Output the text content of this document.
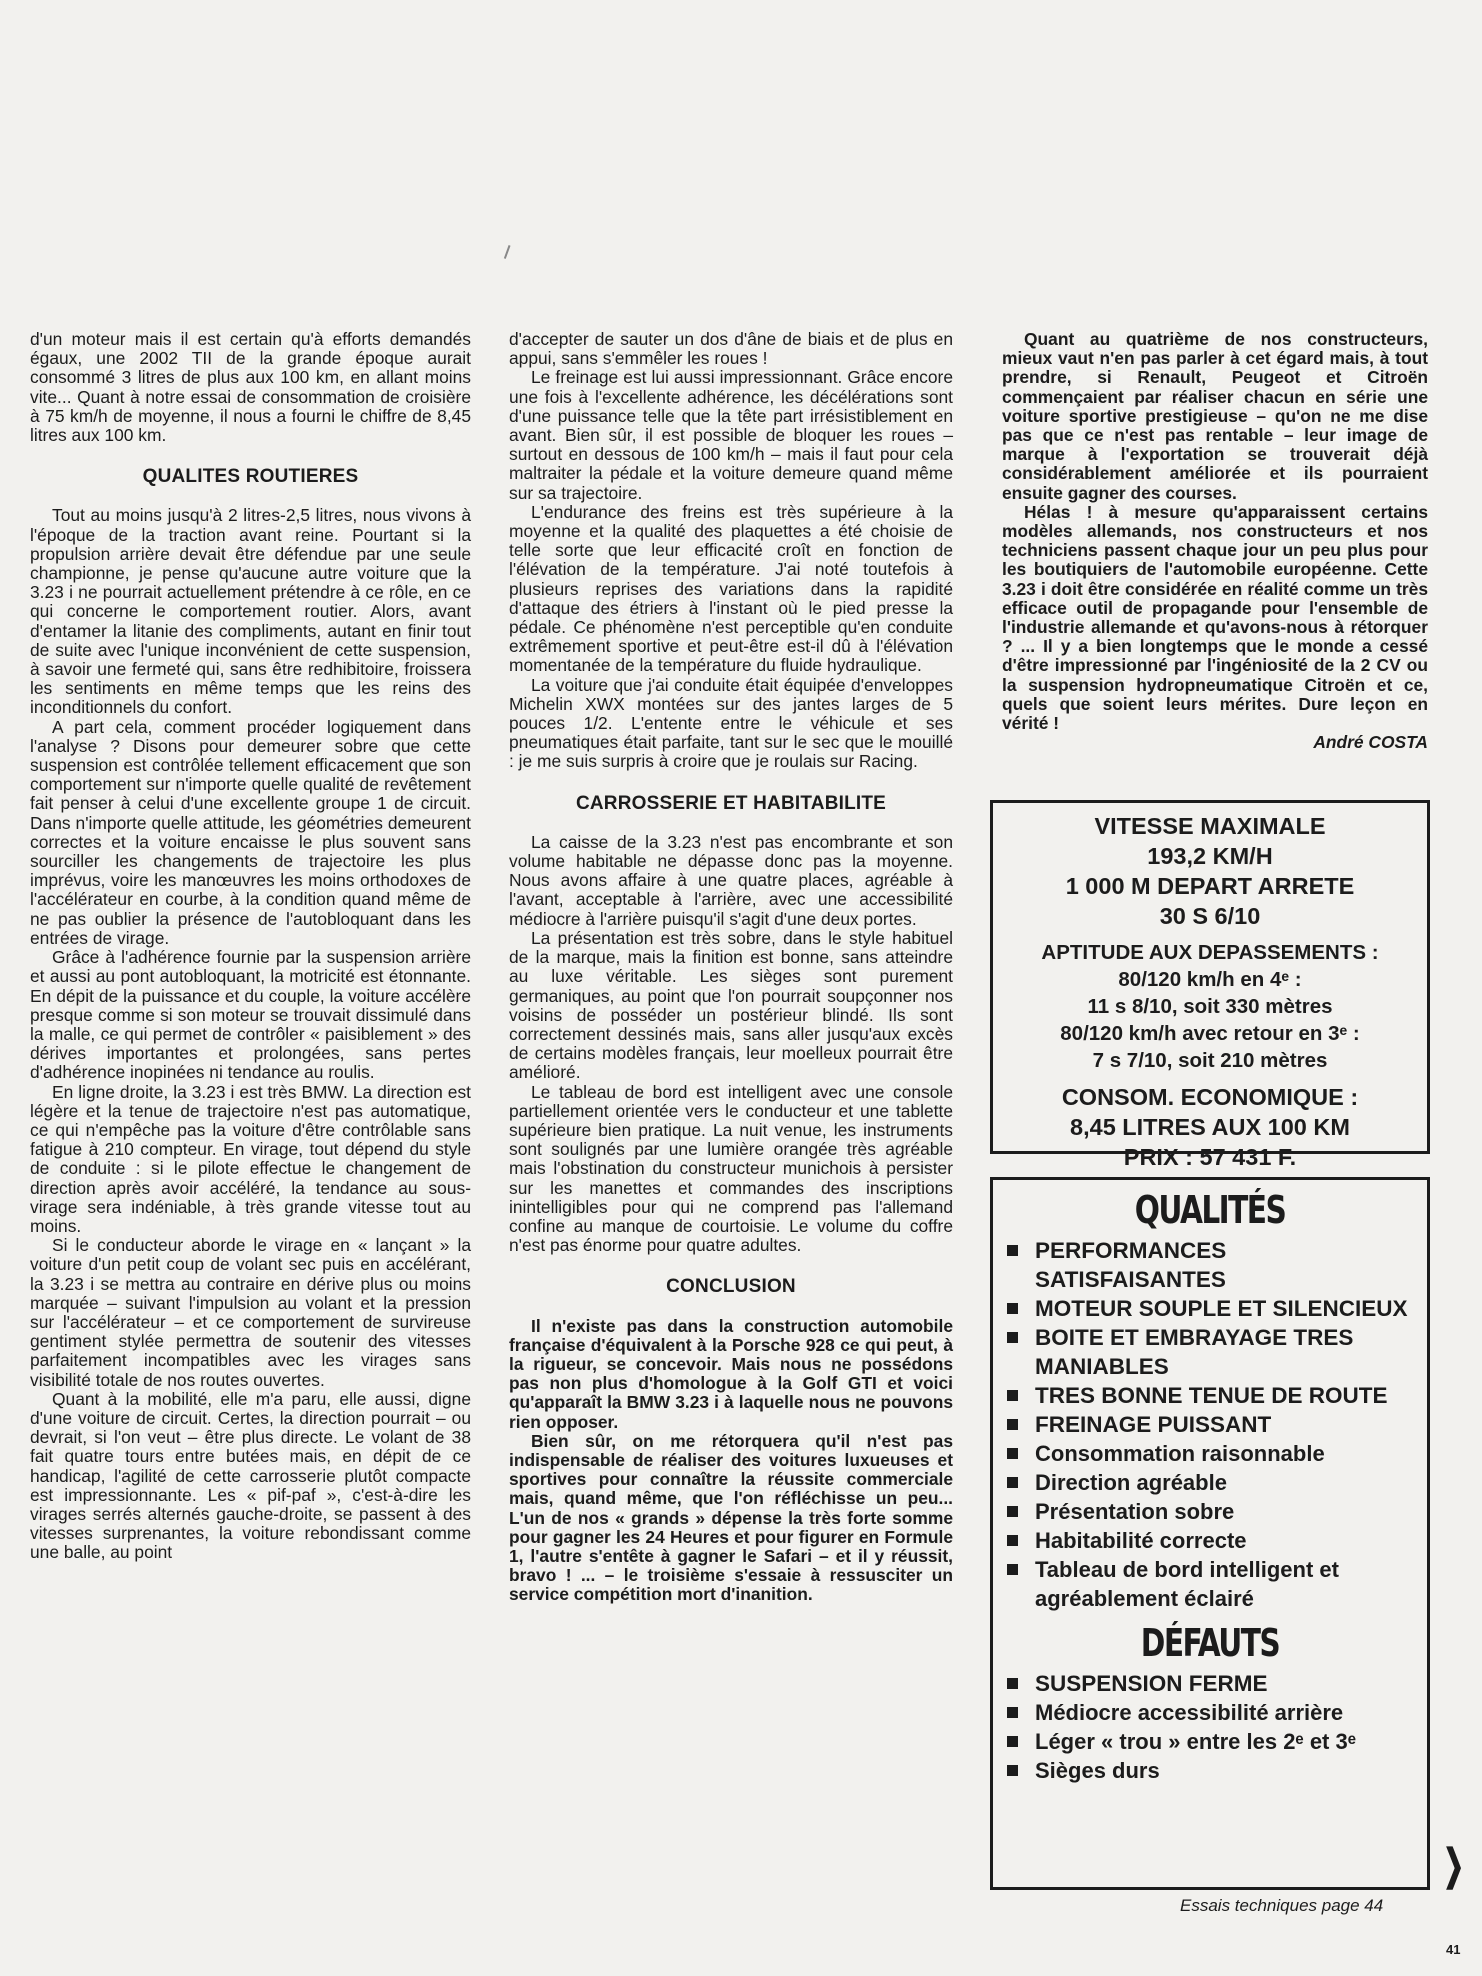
d'un moteur mais il est certain qu'à efforts demandés égaux, une 2002 TII de la grande époque aurait consommé 3 litres de plus aux 100 km, en allant moins vite... Quant à notre essai de consommation de croisière à 75 km/h de moyenne, il nous a fourni le chiffre de 8,45 litres aux 100 km.

QUALITES ROUTIERES

Tout au moins jusqu'à 2 litres-2,5 litres, nous vivons à l'époque de la traction avant reine. Pourtant si la propulsion arrière devait être défendue par une seule championne, je pense qu'aucune autre voiture que la 3.23 i ne pourrait actuellement prétendre à ce rôle, en ce qui concerne le comportement routier. Alors, avant d'entamer la litanie des compliments, autant en finir tout de suite avec l'unique inconvénient de cette suspension, à savoir une fermeté qui, sans être redhibitoire, froissera les sentiments en même temps que les reins des inconditionnels du confort.

A part cela, comment procéder logiquement dans l'analyse ? Disons pour demeurer sobre que cette suspension est contrôlée tellement efficacement que son comportement sur n'importe quelle qualité de revêtement fait penser à celui d'une excellente groupe 1 de circuit. Dans n'importe quelle attitude, les géométries demeurent correctes et la voiture encaisse le plus souvent sans sourciller les changements de trajectoire les plus imprévus, voire les manœuvres les moins orthodoxes de l'accélérateur en courbe, à la condition quand même de ne pas oublier la présence de l'autobloquant dans les entrées de virage.

Grâce à l'adhérence fournie par la suspension arrière et aussi au pont autobloquant, la motricité est étonnante. En dépit de la puissance et du couple, la voiture accélère presque comme si son moteur se trouvait dissimulé dans la malle, ce qui permet de contrôler « paisiblement » des dérives importantes et prolongées, sans pertes d'adhérence inopinées ni tendance au roulis.

En ligne droite, la 3.23 i est très BMW. La direction est légère et la tenue de trajectoire n'est pas automatique, ce qui n'empêche pas la voiture d'être contrôlable sans fatigue à 210 compteur. En virage, tout dépend du style de conduite : si le pilote effectue le changement de direction après avoir accéléré, la tendance au sous-virage sera indéniable, à très grande vitesse tout au moins.

Si le conducteur aborde le virage en « lançant » la voiture d'un petit coup de volant sec puis en accélérant, la 3.23 i se mettra au contraire en dérive plus ou moins marquée – suivant l'impulsion au volant et la pression sur l'accélérateur – et ce comportement de survireuse gentiment stylée permettra de soutenir des vitesses parfaitement incompatibles avec les virages sans visibilité totale de nos routes ouvertes.

Quant à la mobilité, elle m'a paru, elle aussi, digne d'une voiture de circuit. Certes, la direction pourrait – ou devrait, si l'on veut – être plus directe. Le volant de 38 fait quatre tours entre butées mais, en dépit de ce handicap, l'agilité de cette carrosserie plutôt compacte est impressionnante. Les « pif-paf », c'est-à-dire les virages serrés alternés gauche-droite, se passent à des vitesses surprenantes, la voiture rebondissant comme une balle, au point

d'accepter de sauter un dos d'âne de biais et de plus en appui, sans s'emmêler les roues !

Le freinage est lui aussi impressionnant. Grâce encore une fois à l'excellente adhérence, les décélérations sont d'une puissance telle que la tête part irrésistiblement en avant. Bien sûr, il est possible de bloquer les roues – surtout en dessous de 100 km/h – mais il faut pour cela maltraiter la pédale et la voiture demeure quand même sur sa trajectoire.

L'endurance des freins est très supérieure à la moyenne et la qualité des plaquettes a été choisie de telle sorte que leur efficacité croît en fonction de l'élévation de la température. J'ai noté toutefois à plusieurs reprises des variations dans la rapidité d'attaque des étriers à l'instant où le pied presse la pédale. Ce phénomène n'est perceptible qu'en conduite extrêmement sportive et peut-être est-il dû à l'élévation momentanée de la température du fluide hydraulique.

La voiture que j'ai conduite était équipée d'enveloppes Michelin XWX montées sur des jantes larges de 5 pouces 1/2. L'entente entre le véhicule et ses pneumatiques était parfaite, tant sur le sec que le mouillé : je me suis surpris à croire que je roulais sur Racing.

CARROSSERIE ET HABITABILITE

La caisse de la 3.23 n'est pas encombrante et son volume habitable ne dépasse donc pas la moyenne. Nous avons affaire à une quatre places, agréable à l'avant, acceptable à l'arrière, avec une accessibilité médiocre à l'arrière puisqu'il s'agit d'une deux portes.

La présentation est très sobre, dans le style habituel de la marque, mais la finition est bonne, sans atteindre au luxe véritable. Les sièges sont purement germaniques, au point que l'on pourrait soupçonner nos voisins de posséder un postérieur blindé. Ils sont correctement dessinés mais, sans aller jusqu'aux excès de certains modèles français, leur moelleux pourrait être amélioré.

Le tableau de bord est intelligent avec une console partiellement orientée vers le conducteur et une tablette supérieure bien pratique. La nuit venue, les instruments sont soulignés par une lumière orangée très agréable mais l'obstination du constructeur munichois à persister sur les manettes et commandes des inscriptions inintelligibles pour qui ne comprend pas l'allemand confine au manque de courtoisie. Le volume du coffre n'est pas énorme pour quatre adultes.

CONCLUSION

Il n'existe pas dans la construction automobile française d'équivalent à la Porsche 928 ce qui peut, à la rigueur, se concevoir. Mais nous ne possédons pas non plus d'homologue à la Golf GTI et voici qu'apparaît la BMW 3.23 i à laquelle nous ne pouvons rien opposer.

Bien sûr, on me rétorquera qu'il n'est pas indispensable de réaliser des voitures luxueuses et sportives pour connaître la réussite commerciale mais, quand même, que l'on réfléchisse un peu... L'un de nos « grands » dépense la très forte somme pour gagner les 24 Heures et pour figurer en Formule 1, l'autre s'entête à gagner le Safari – et il y réussit, bravo ! ... – le troisième s'essaie à ressusciter un service compétition mort d'inanition.

Quant au quatrième de nos constructeurs, mieux vaut n'en pas parler à cet égard mais, à tout prendre, si Renault, Peugeot et Citroën commençaient par réaliser chacun en série une voiture sportive prestigieuse – qu'on ne me dise pas que ce n'est pas rentable – leur image de marque à l'exportation se trouverait déjà considérablement améliorée et ils pourraient ensuite gagner des courses.

Hélas ! à mesure qu'apparaissent certains modèles allemands, nos constructeurs et nos techniciens passent chaque jour un peu plus pour les boutiquiers de l'automobile européenne. Cette 3.23 i doit être considérée en réalité comme un très efficace outil de propagande pour l'ensemble de l'industrie allemande et qu'avons-nous à rétorquer ? ... Il y a bien longtemps que le monde a cessé d'être impressionné par l'ingéniosité de la 2 CV ou la suspension hydropneumatique Citroën et ce, quels que soient leurs mérites. Dure leçon en vérité !

André COSTA

VITESSE MAXIMALE
193,2 KM/H
1 000 M DEPART ARRETE
30 S 6/10
APTITUDE AUX DEPASSEMENTS :
80/120 km/h en 4ᵉ :
11 s 8/10, soit 330 mètres
80/120 km/h avec retour en 3ᵉ :
7 s 7/10, soit 210 mètres
CONSOM. ECONOMIQUE :
8,45 LITRES AUX 100 KM
PRIX : 57 431 F.
QUALITÉS
PERFORMANCES SATISFAISANTES
MOTEUR SOUPLE ET SILENCIEUX
BOITE ET EMBRAYAGE TRES MANIABLES
TRES BONNE TENUE DE ROUTE
FREINAGE PUISSANT
Consommation raisonnable
Direction agréable
Présentation sobre
Habitabilité correcte
Tableau de bord intelligent et agréablement éclairé
DÉFAUTS
SUSPENSION FERME
Médiocre accessibilité arrière
Léger « trou » entre les 2ᵉ et 3ᵉ
Sièges durs
❯
Essais techniques page 44
41
